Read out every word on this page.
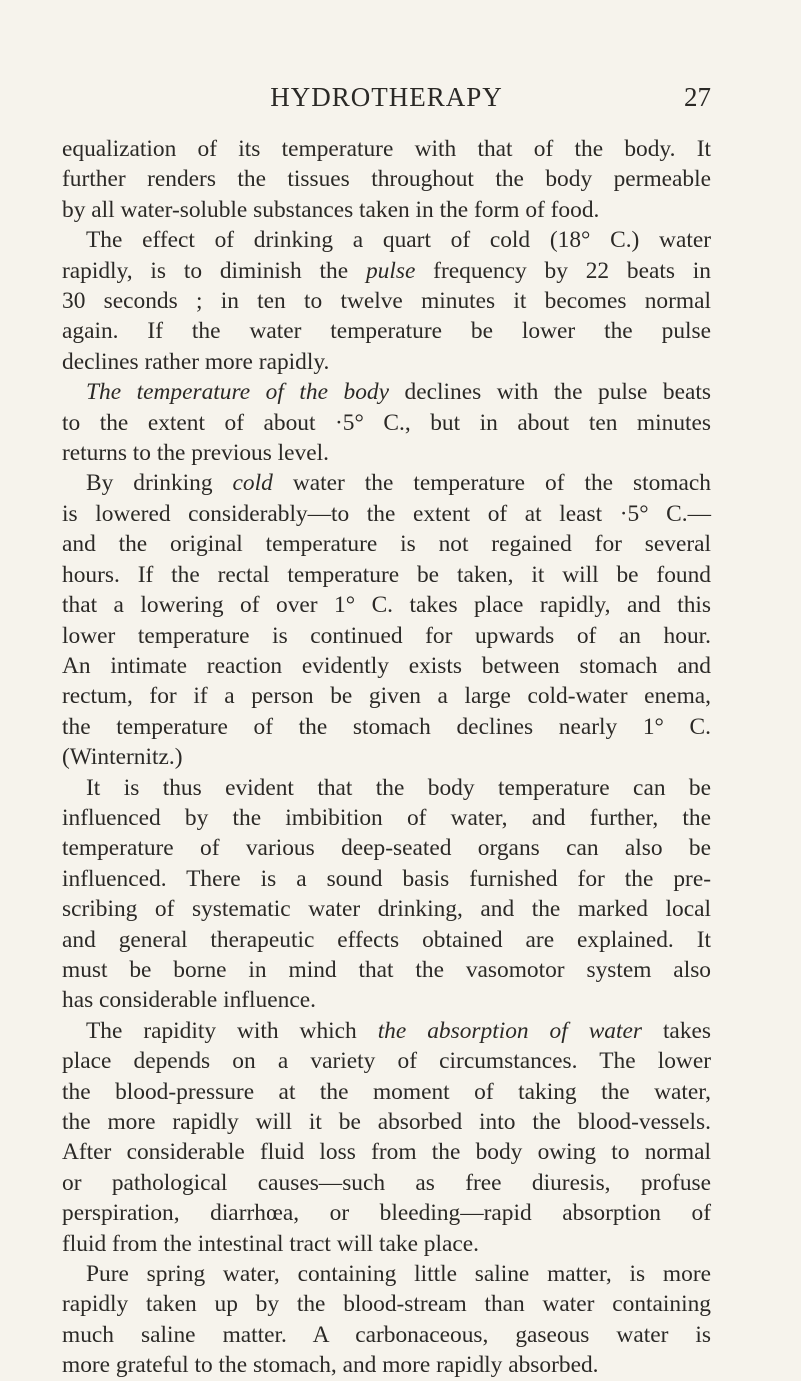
HYDROTHERAPY	27

equalization of its temperature with that of the body. It

further renders the tissues throughout the body permeable

by all water-soluble substances taken in the form of food.

The effect of drinking a quart of cold (18° C.) water

rapidly, is to diminish the pulse frequency by 22 beats in

30 seconds ; in ten to twelve minutes it becomes normal

again. If the water temperature be lower the pulse

declines rather more rapidly.

The temperature of the body declines with the pulse beats

to the extent of about ·5° C., but in about ten minutes

returns to the previous level.

By drinking cold water the temperature of the stomach

is lowered considerably—to the extent of at least ·5° C.—

and the original temperature is not regained for several

hours. If the rectal temperature be taken, it will be found

that a lowering of over 1° C. takes place rapidly, and this

lower temperature is continued for upwards of an hour.

An intimate reaction evidently exists between stomach and

rectum, for if a person be given a large cold-water enema,

the temperature of the stomach declines nearly 1° C.

(Winternitz.)

It is thus evident that the body temperature can be

influenced by the imbibition of water, and further, the

temperature of various deep-seated organs can also be

influenced. There is a sound basis furnished for the pre-

scribing of systematic water drinking, and the marked local

and general therapeutic effects obtained are explained. It

must be borne in mind that the vasomotor system also

has considerable influence.

The rapidity with which the absorption of water takes

place depends on a variety of circumstances. The lower

the blood-pressure at the moment of taking the water,

the more rapidly will it be absorbed into the blood-vessels.

After considerable fluid loss from the body owing to normal

or pathological causes—such as free diuresis, profuse

perspiration, diarrhœa, or bleeding—rapid absorption of

fluid from the intestinal tract will take place.

Pure spring water, containing little saline matter, is more

rapidly taken up by the blood-stream than water containing

much saline matter. A carbonaceous, gaseous water is

more grateful to the stomach, and more rapidly absorbed.
